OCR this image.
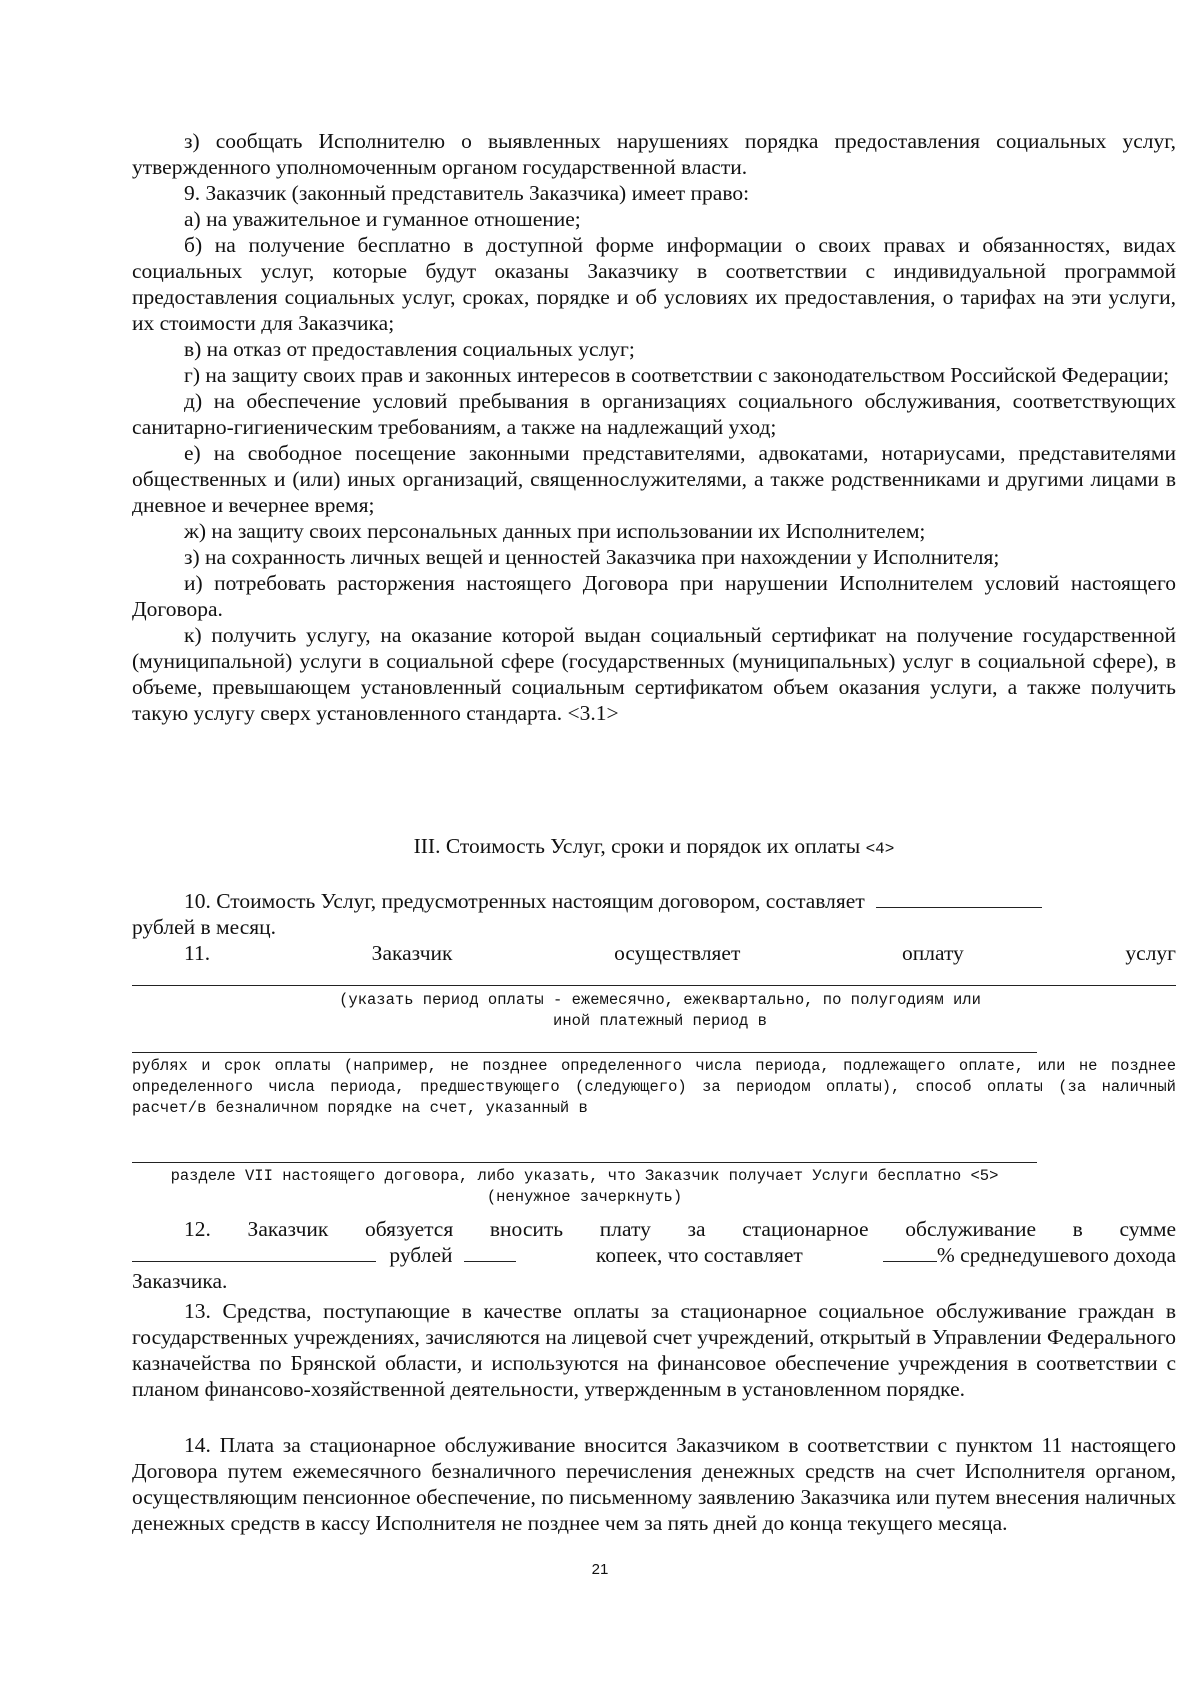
з) сообщать Исполнителю о выявленных нарушениях порядка предоставления социальных услуг, утвержденного уполномоченным органом государственной власти.

9. Заказчик (законный представитель Заказчика) имеет право:

а) на уважительное и гуманное отношение;

б) на получение бесплатно в доступной форме информации о своих правах и обязанностях, видах социальных услуг, которые будут оказаны Заказчику в соответствии с индивидуальной программой предоставления социальных услуг, сроках, порядке и об условиях их предоставления, о тарифах на эти услуги, их стоимости для Заказчика;

в) на отказ от предоставления социальных услуг;

г) на защиту своих прав и законных интересов в соответствии с законодательством Российской Федерации;

д) на обеспечение условий пребывания в организациях социального обслуживания, соответствующих санитарно-гигиеническим требованиям, а также на надлежащий уход;

е) на свободное посещение законными представителями, адвокатами, нотариусами, представителями общественных и (или) иных организаций, священнослужителями, а также родственниками и другими лицами в дневное и вечернее время;

ж) на защиту своих персональных данных при использовании их Исполнителем;

з) на сохранность личных вещей и ценностей Заказчика при нахождении у Исполнителя;

и) потребовать расторжения настоящего Договора при нарушении Исполнителем условий настоящего Договора.

к) получить услугу, на оказание которой выдан социальный сертификат на получение государственной (муниципальной) услуги в социальной сфере (государственных (муниципальных) услуг в социальной сфере), в объеме, превышающем установленный социальным сертификатом объем оказания услуги, а также получить такую услугу сверх установленного стандарта. <3.1>

III. Стоимость Услуг, сроки и порядок их оплаты <4>

10. Стоимость Услуг, предусмотренных настоящим договором, составляет

рублей в месяц.

11.	Заказчик	осуществляет	оплату	услуг
(указать период оплаты - ежемесячно, ежеквартально, по полугодиям или иной платежный период в
рублях и срок оплаты (например, не позднее определенного числа периода, подлежащего оплате, или не позднее определенного числа периода, предшествующего (следующего) за периодом оплаты), способ оплаты (за наличный расчет/в безналичном порядке на счет, указанный в
разделе VII настоящего договора, либо указать, что Заказчик получает Услуги бесплатно <5>(ненужное зачеркнуть)

12. Заказчик обязуется вносить плату за стационарное обслуживание в сумме

рублей	копеек, что составляет	% среднедушевого дохода

Заказчика.

13. Средства, поступающие в качестве оплаты за стационарное социальное обслуживание граждан в государственных учреждениях, зачисляются на лицевой счет учреждений, открытый в Управлении Федерального казначейства по Брянской области, и используются на финансовое обеспечение учреждения в соответствии с планом финансово-хозяйственной деятельности, утвержденным в установленном порядке.

14. Плата за стационарное обслуживание вносится Заказчиком в соответствии с пунктом 11 настоящего Договора путем ежемесячного безналичного перечисления денежных средств на счет Исполнителя органом, осуществляющим пенсионное обеспечение, по письменному заявлению Заказчика или путем внесения наличных денежных средств в кассу Исполнителя не позднее чем за пять дней до конца текущего месяца.

21
